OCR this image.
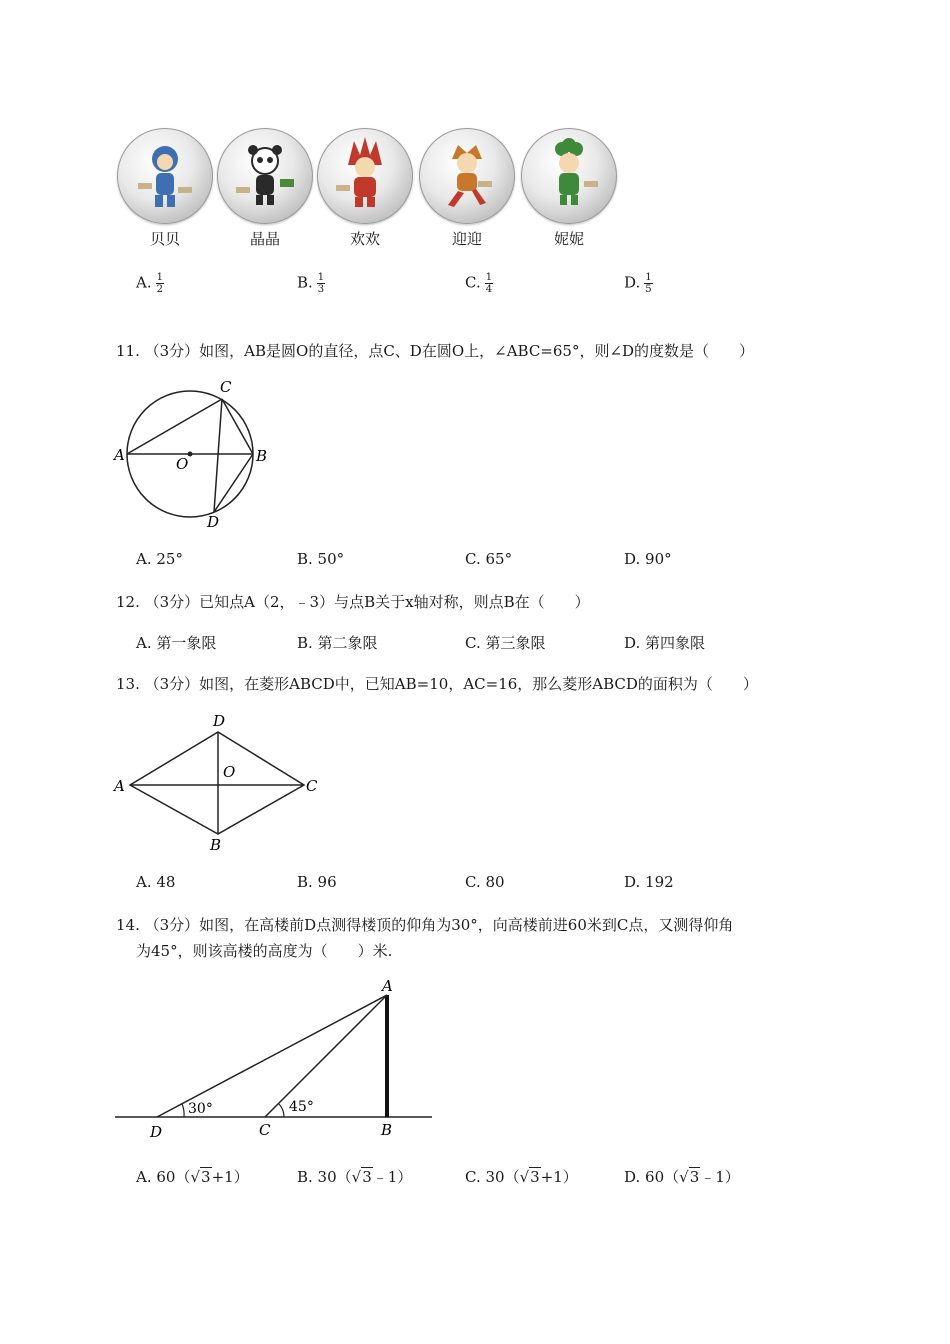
贝贝	晶晶	欢欢	迎迎	妮妮
A. $\frac{1}{2}$	B. $\frac{1}{3}$	C. $\frac{1}{4}$	D. $\frac{1}{5}$
11. （3分）如图，AB是圆O的直径，点C、D在圆O上，∠ABC=65°，则∠D的度数是（　　）
A	B
C
D
O
A. 25°	B. 50°	C. 65°	D. 90°
12. （3分）已知点A（2，﹣3）与点B关于x轴对称，则点B在（　　）
A. 第一象限	B. 第二象限	C. 第三象限	D. 第四象限
13. （3分）如图，在菱形ABCD中，已知AB=10，AC=16，那么菱形ABCD的面积为（　　）
A	C
D
B
O
A. 48	B. 96	C. 80	D. 192
14. （3分）如图，在高楼前D点测得楼顶的仰角为30°，向高楼前进60米到C点，又测得仰角
为45°，则该高楼的高度为（　　）米.
30°	45°
D	C	B
A
A. 60（√3+1）	B. 30（√3﹣1）	C. 30（√3+1）	D. 60（√3﹣1）
